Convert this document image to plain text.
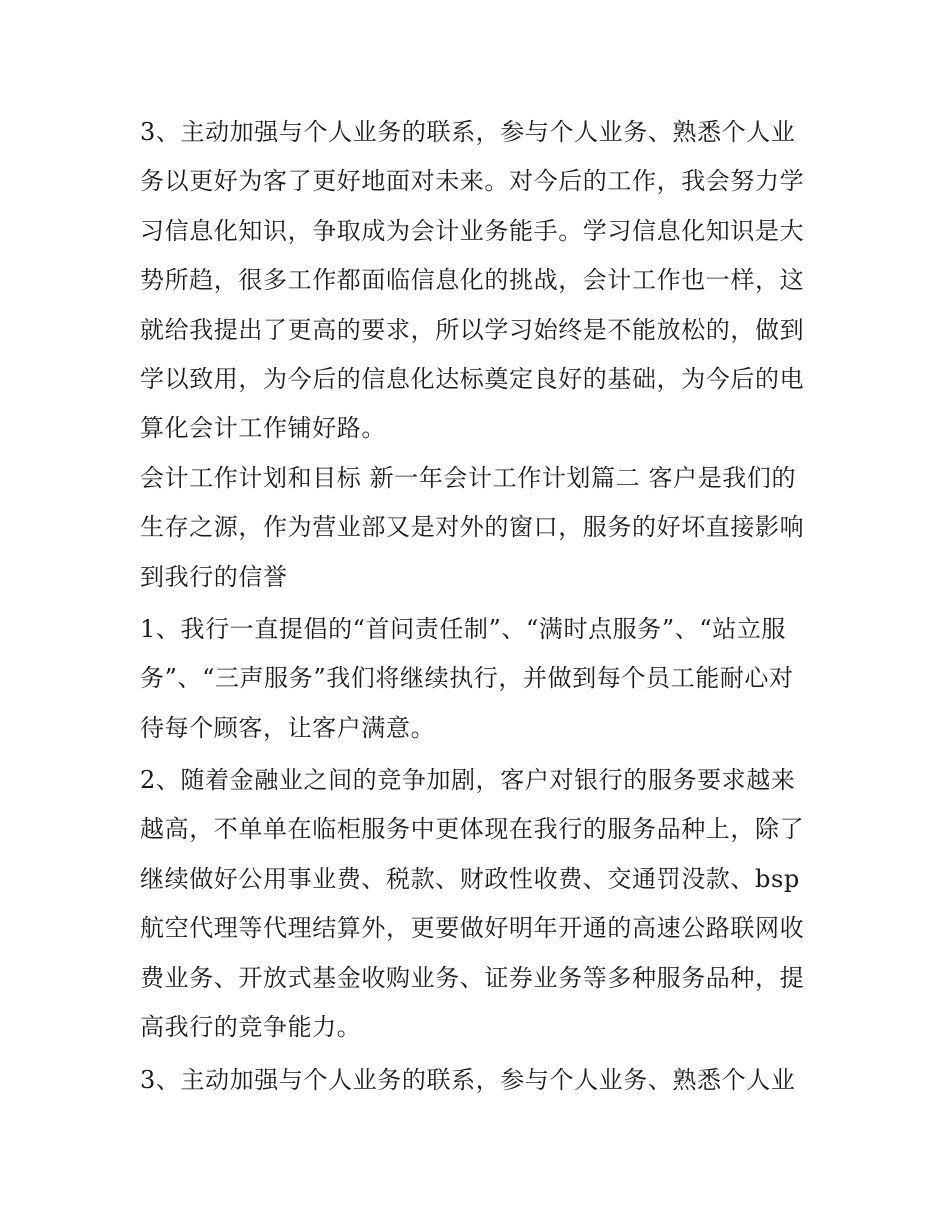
3、主动加强与个人业务的联系，参与个人业务、熟悉个人业
务以更好为客了更好地面对未来。对今后的工作，我会努力学
习信息化知识，争取成为会计业务能手。学习信息化知识是大
势所趋，很多工作都面临信息化的挑战，会计工作也一样，这
就给我提出了更高的要求，所以学习始终是不能放松的，做到
学以致用，为今后的信息化达标奠定良好的基础，为今后的电
算化会计工作铺好路。
会计工作计划和目标 新一年会计工作计划篇二 客户是我们的
生存之源，作为营业部又是对外的窗口，服务的好坏直接影响
到我行的信誉
1、我行一直提倡的“首问责任制”、“满时点服务”、“站立服
务”、“三声服务”我们将继续执行，并做到每个员工能耐心对
待每个顾客，让客户满意。
2、随着金融业之间的竞争加剧，客户对银行的服务要求越来
越高，不单单在临柜服务中更体现在我行的服务品种上，除了
继续做好公用事业费、税款、财政性收费、交通罚没款、bsp
航空代理等代理结算外，更要做好明年开通的高速公路联网收
费业务、开放式基金收购业务、证券业务等多种服务品种，提
高我行的竞争能力。
3、主动加强与个人业务的联系，参与个人业务、熟悉个人业
